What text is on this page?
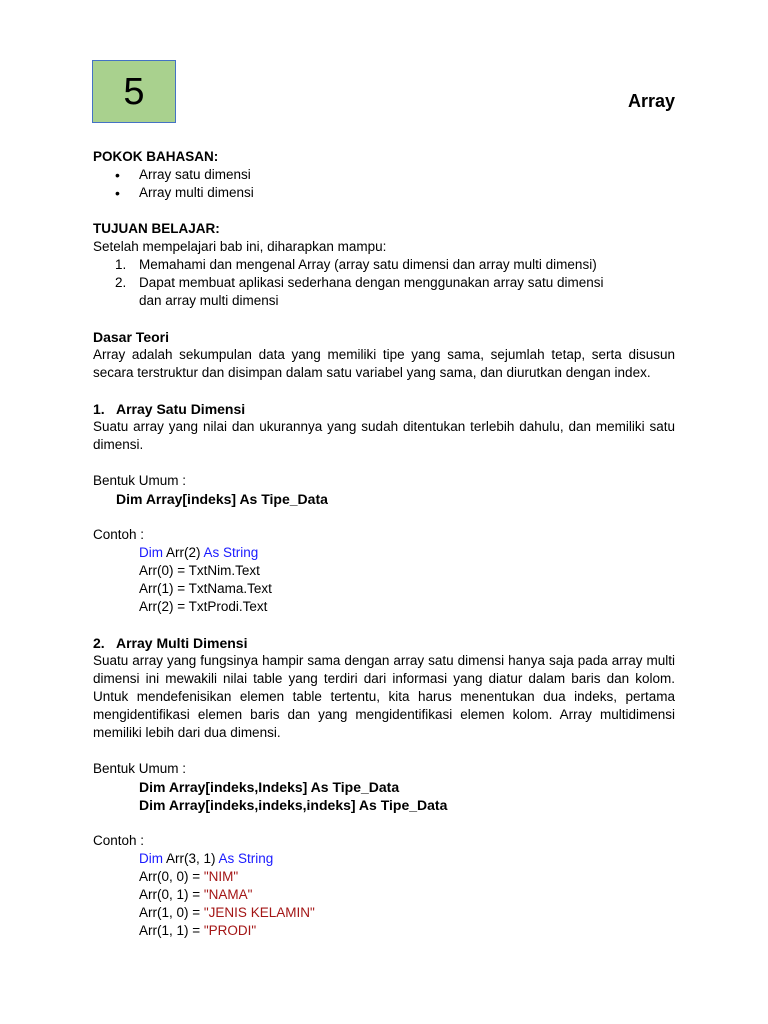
5	Array

POKOK BAHASAN:

• Array satu dimensi
• Array multi dimensi

TUJUAN BELAJAR:

Setelah mempelajari bab ini, diharapkan mampu:

1. Memahami dan mengenal Array (array satu dimensi dan array multi dimensi)
2. Dapat membuat aplikasi sederhana dengan menggunakan array satu dimensi dan array multi dimensi

Dasar Teori

Array adalah sekumpulan data yang memiliki tipe yang sama, sejumlah tetap, serta disusun secara terstruktur dan disimpan dalam satu variabel yang sama, dan diurutkan dengan index.

1. Array Satu Dimensi

Suatu array yang nilai dan ukurannya yang sudah ditentukan terlebih dahulu, dan memiliki satu dimensi.

Bentuk Umum :

Dim Array[indeks] As Tipe_Data

Contoh :

Dim Arr(2) As String

Arr(0) = TxtNim.Text

Arr(1) = TxtNama.Text

Arr(2) = TxtProdi.Text

2. Array Multi Dimensi

Suatu array yang fungsinya hampir sama dengan array satu dimensi hanya saja pada array multi dimensi ini mewakili nilai table yang terdiri dari informasi yang diatur dalam baris dan kolom. Untuk mendefenisikan elemen table tertentu, kita harus menentukan dua indeks, pertama mengidentifikasi elemen baris dan yang mengidentifikasi elemen kolom. Array multidimensi memiliki lebih dari dua dimensi.

Bentuk Umum :

Dim Array[indeks,Indeks] As Tipe_Data

Dim Array[indeks,indeks,indeks] As Tipe_Data

Contoh :

Dim Arr(3, 1) As String

Arr(0, 0) = "NIM"

Arr(0, 1) = "NAMA"

Arr(1, 0) = "JENIS KELAMIN"

Arr(1, 1) = "PRODI"
